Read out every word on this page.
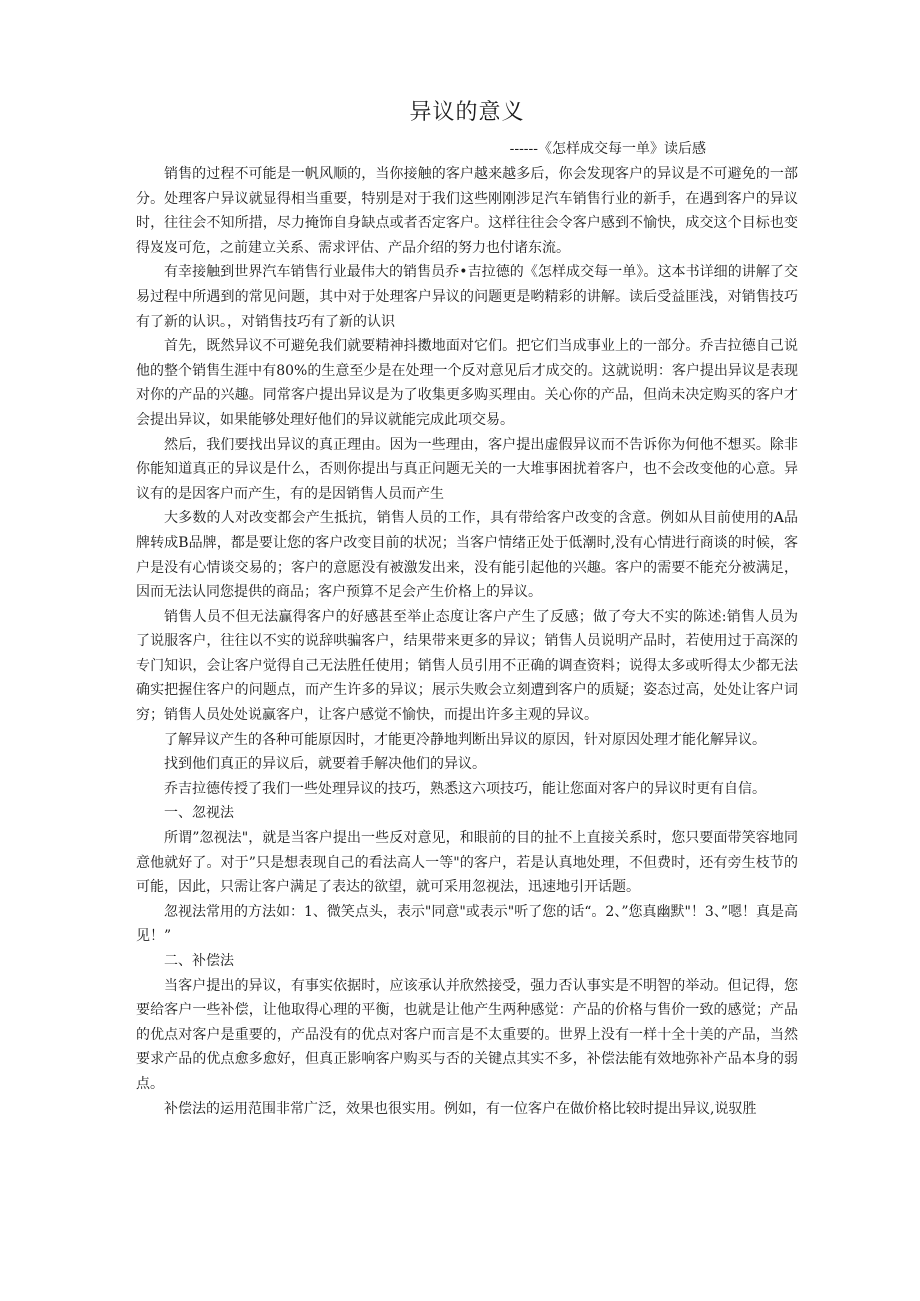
异议的意义

------《怎样成交每一单》读后感

销售的过程不可能是一帆风顺的，当你接触的客户越来越多后，你会发现客户的异议是不可避免的一部分。处理客户异议就显得相当重要，特别是对于我们这些刚刚涉足汽车销售行业的新手，在遇到客户的异议时，往往会不知所措，尽力掩饰自身缺点或者否定客户。这样往往会令客户感到不愉快，成交这个目标也变得岌岌可危，之前建立关系、需求评估、产品介绍的努力也付诸东流。

有幸接触到世界汽车销售行业最伟大的销售员乔•吉拉德的《怎样成交每一单》。这本书详细的讲解了交易过程中所遇到的常见问题，其中对于处理客户异议的问题更是哟精彩的讲解。读后受益匪浅，对销售技巧有了新的认识。，对销售技巧有了新的认识

首先，既然异议不可避免我们就要精神抖擞地面对它们。把它们当成事业上的一部分。乔吉拉德自己说他的整个销售生涯中有80%的生意至少是在处理一个反对意见后才成交的。这就说明：客户提出异议是表现对你的产品的兴趣。同常客户提出异议是为了收集更多购买理由。关心你的产品，但尚未决定购买的客户才会提出异议，如果能够处理好他们的异议就能完成此项交易。

然后，我们要找出异议的真正理由。因为一些理由，客户提出虚假异议而不告诉你为何他不想买。除非你能知道真正的异议是什么，否则你提出与真正问题无关的一大堆事困扰着客户，也不会改变他的心意。异议有的是因客户而产生，有的是因销售人员而产生

大多数的人对改变都会产生抵抗，销售人员的工作，具有带给客户改变的含意。例如从目前使用的A品牌转成B品牌，都是要让您的客户改变目前的状况；当客户情绪正处于低潮时,没有心情进行商谈的时候，客户是没有心情谈交易的；客户的意愿没有被激发出来，没有能引起他的兴趣。客户的需要不能充分被满足，因而无法认同您提供的商品；客户预算不足会产生价格上的异议。

销售人员不但无法赢得客户的好感甚至举止态度让客户产生了反感；做了夸大不实的陈述:销售人员为了说服客户，往往以不实的说辞哄骗客户，结果带来更多的异议；销售人员说明产品时，若使用过于高深的专门知识，会让客户觉得自己无法胜任使用；销售人员引用不正确的调查资料；说得太多或听得太少都无法确实把握住客户的问题点，而产生许多的异议；展示失败会立刻遭到客户的质疑；姿态过高，处处让客户词穷；销售人员处处说赢客户，让客户感觉不愉快，而提出许多主观的异议。

了解异议产生的各种可能原因时，才能更冷静地判断出异议的原因，针对原因处理才能化解异议。

找到他们真正的异议后，就要着手解决他们的异议。

乔吉拉德传授了我们一些处理异议的技巧，熟悉这六项技巧，能让您面对客户的异议时更有自信。

一、忽视法

所谓”忽视法"，就是当客户提出一些反对意见，和眼前的目的扯不上直接关系时，您只要面带笑容地同意他就好了。对于”只是想表现自己的看法高人一等"的客户，若是认真地处理，不但费时，还有旁生枝节的可能，因此，只需让客户满足了表达的欲望，就可采用忽视法，迅速地引开话题。

忽视法常用的方法如：1、微笑点头，表示"同意"或表示"听了您的话“。2、”您真幽默"！3、”嗯！真是高见！”

二、补偿法

当客户提出的异议，有事实依据时，应该承认并欣然接受，强力否认事实是不明智的举动。但记得，您要给客户一些补偿，让他取得心理的平衡，也就是让他产生两种感觉：产品的价格与售价一致的感觉；产品的优点对客户是重要的，产品没有的优点对客户而言是不太重要的。世界上没有一样十全十美的产品，当然要求产品的优点愈多愈好，但真正影响客户购买与否的关键点其实不多，补偿法能有效地弥补产品本身的弱点。

补偿法的运用范围非常广泛，效果也很实用。例如，有一位客户在做价格比较时提出异议,说驭胜
